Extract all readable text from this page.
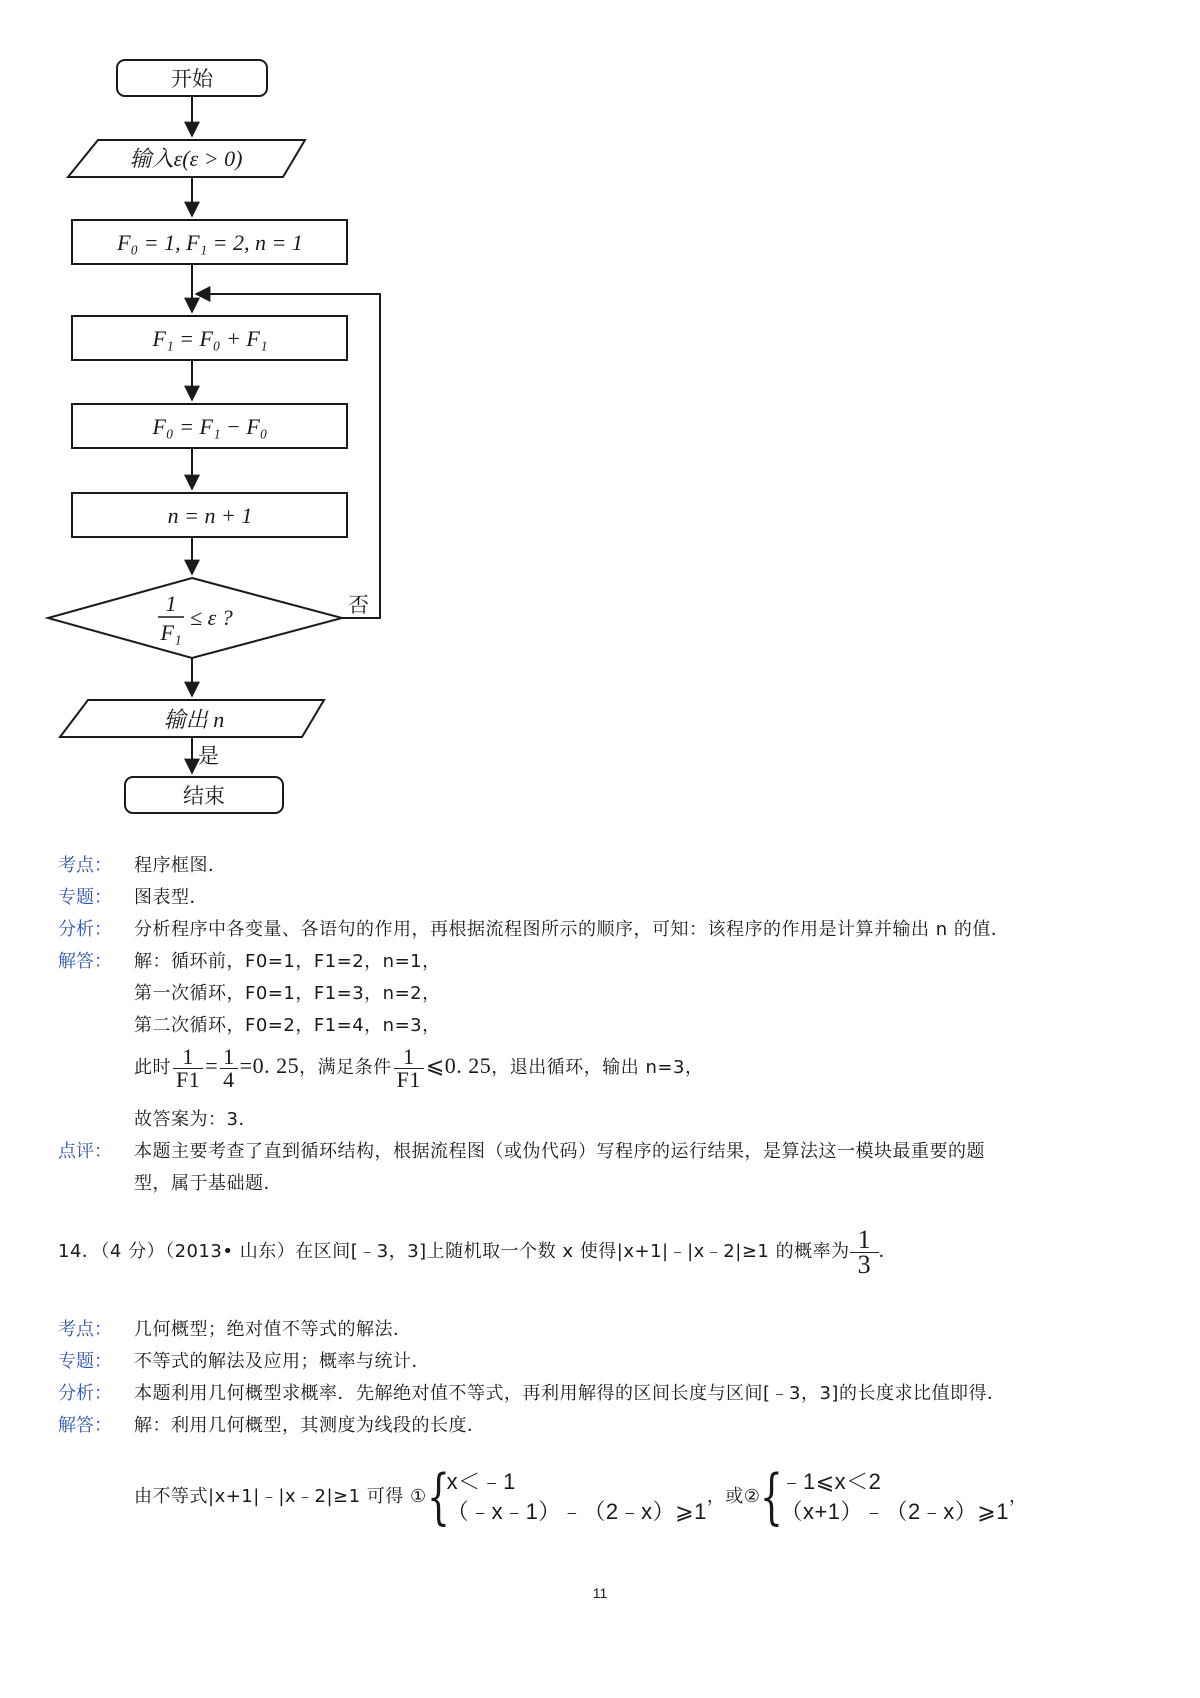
开始
输入ε(ε > 0)
F₀ = 1, F₁ = 2, n = 1
F₁ = F₀ + F₁
F₀ = F₁ − F₀
n = n + 1
1
F₁
≤ ε ?	否
输出 n
是
结束
考点： 程序框图．
专题： 图表型．
分析： 分析程序中各变量、各语句的作用，再根据流程图所示的顺序，可知：该程序的作用是计算并输出 n 的值．
解答： 解：循环前，F0=1，F1=2，n=1，
第一次循环，F0=1，F1=3，n=2，
第二次循环，F0=2，F1=4，n=3，
此时 $\frac{1}{F1} = \frac{1}{4} =0$. 25，满足条件 $\frac{1}{F1}$ ⩽0. 25，退出循环，输出 n=3，
故答案为：3．
点评： 本题主要考查了直到循环结构，根据流程图（或伪代码）写程序的运行结果，是算法这一模块最重要的题
型，属于基础题．
14．（4 分）（2013• 山东）在区间[﹣3，3]上随机取一个数 x 使得|x+1|﹣|x﹣2|≥1 的概率为 $\frac{1}{3}$ ．
考点： 几何概型；绝对值不等式的解法．
专题： 不等式的解法及应用；概率与统计．
分析： 本题利用几何概型求概率．先解绝对值不等式，再利用解得的区间长度与区间[﹣3，3]的长度求比值即得．
解答： 解：利用几何概型，其测度为线段的长度．
由不等式|x+1|﹣|x﹣2|≥1 可得 ① {
x＜﹣1
（﹣x﹣1）﹣（2﹣x）⩾1
，或② {
﹣1⩽x＜2
（x+1）﹣（2﹣x）⩾1
，
11
